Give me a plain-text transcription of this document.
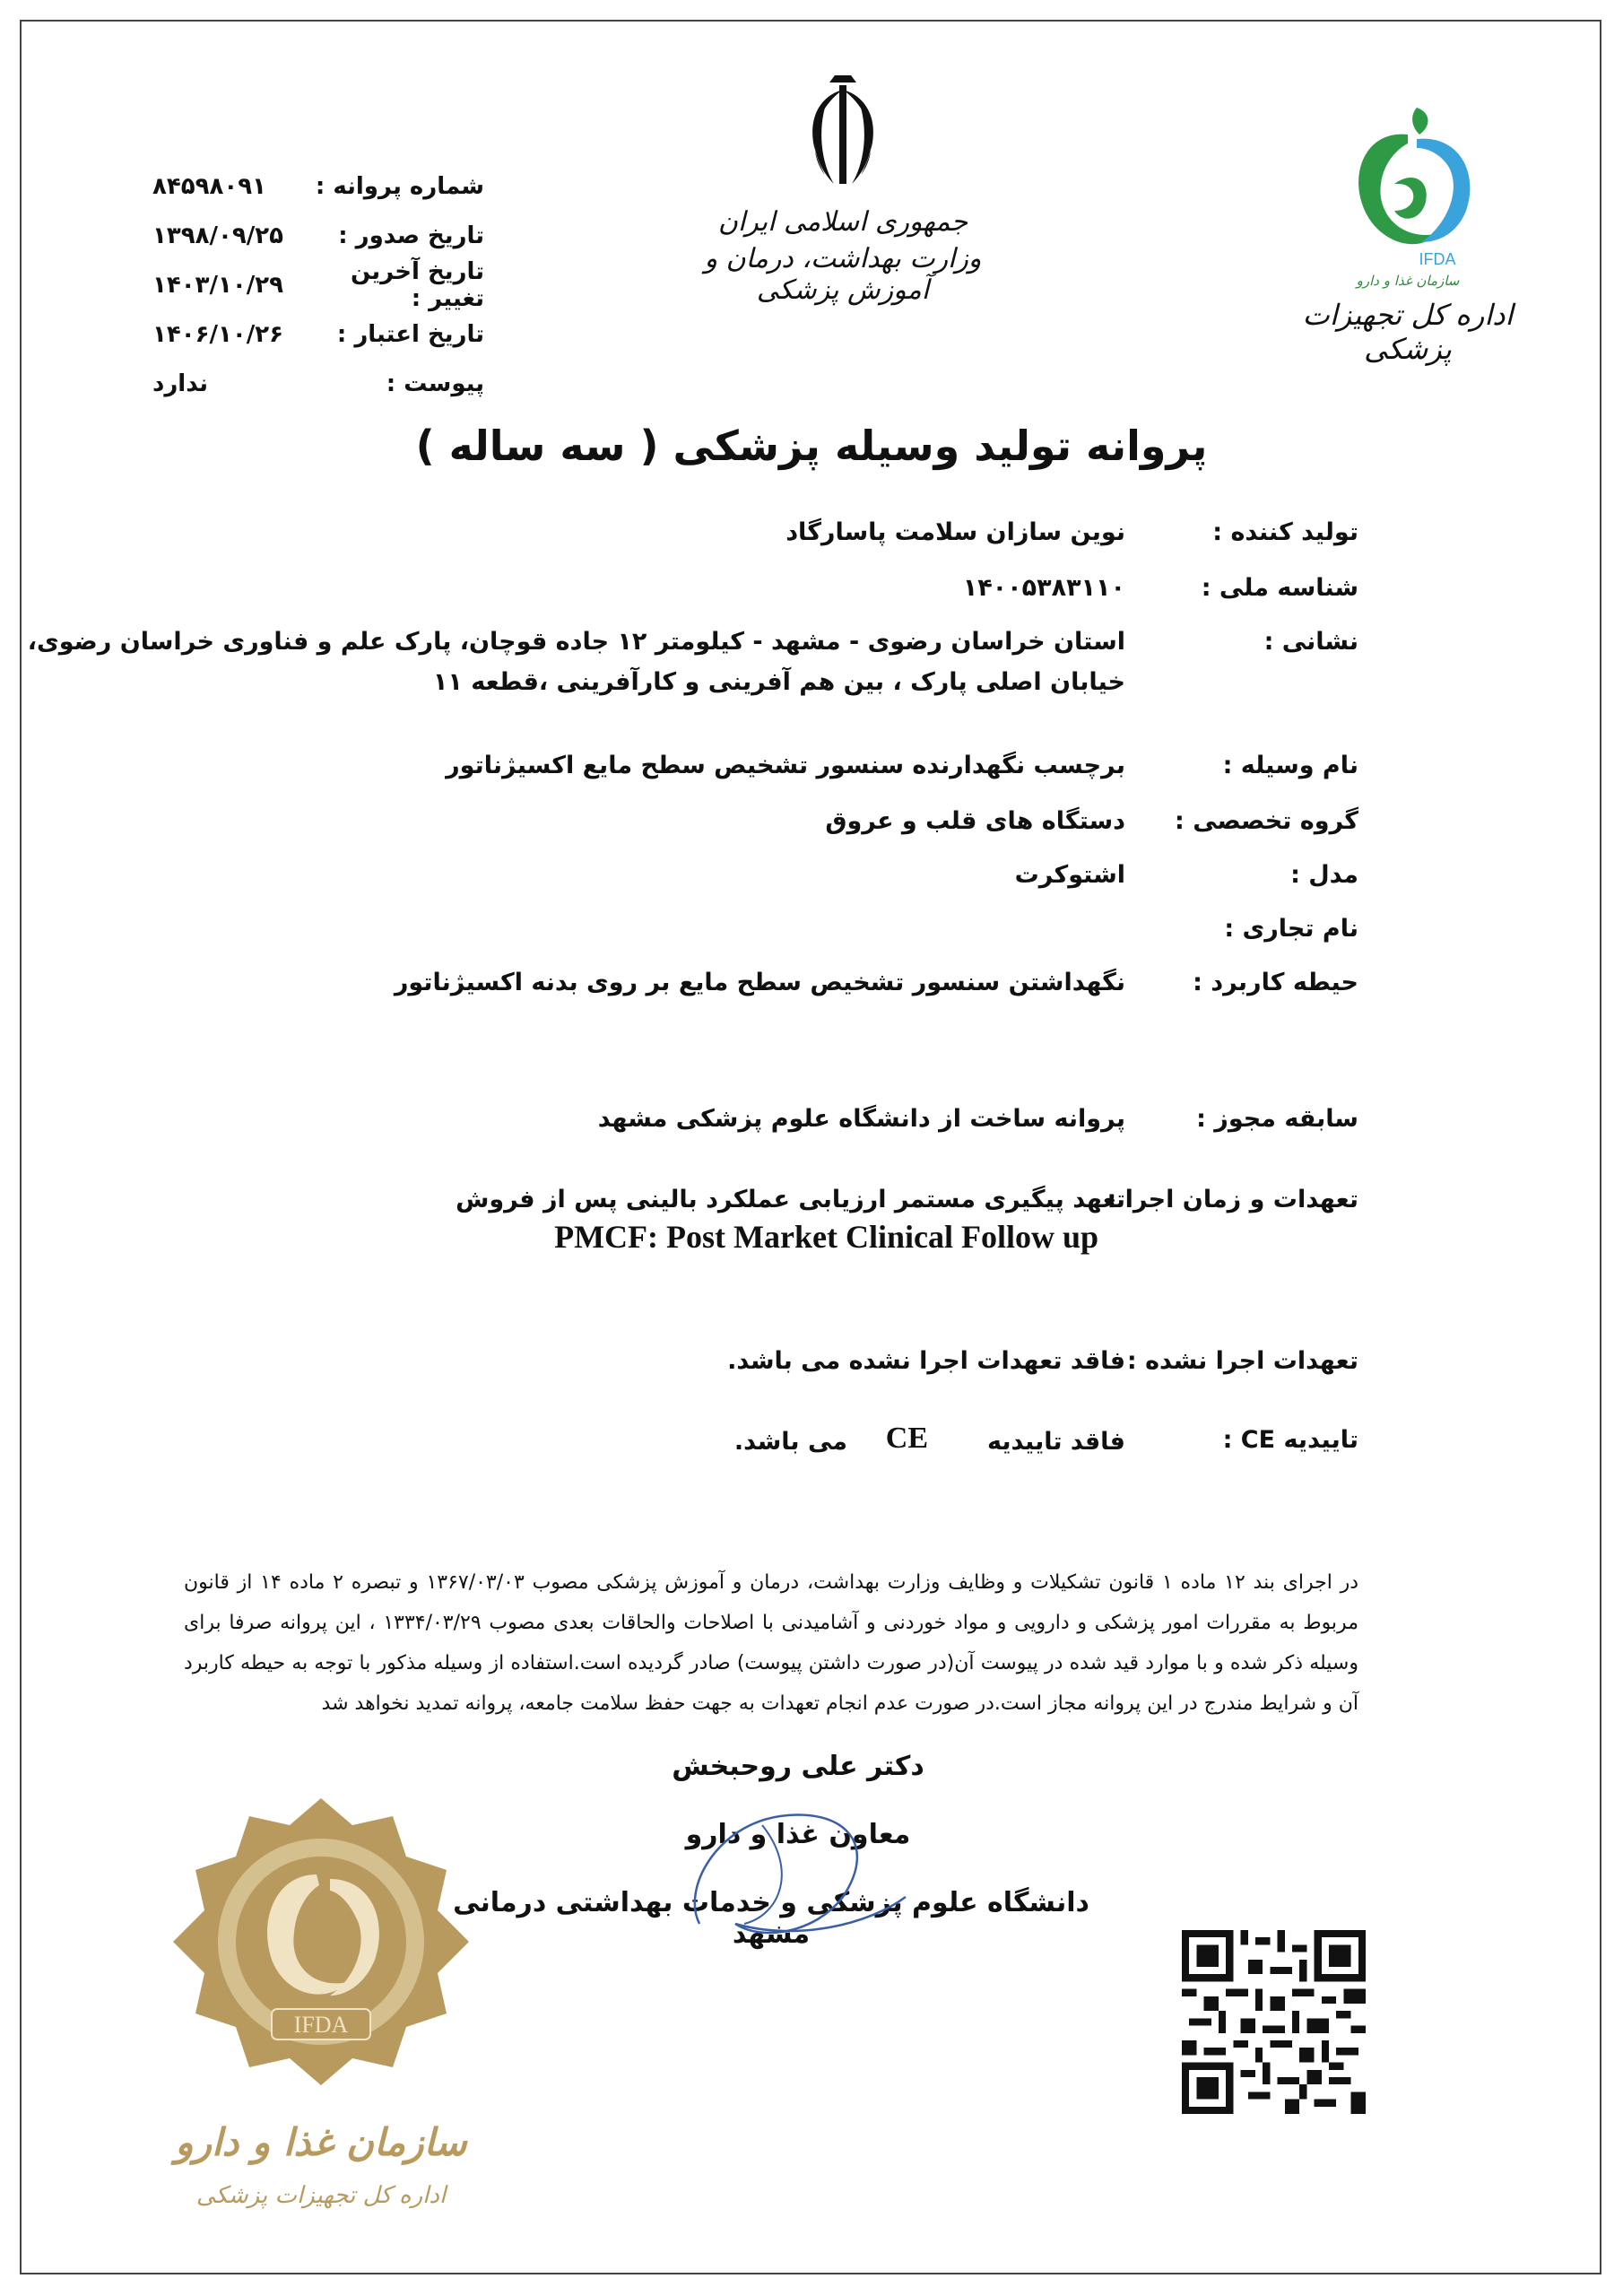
شماره پروانه :
۸۴۵۹۸۰۹۱
تاریخ صدور :
۱۳۹۸/۰۹/۲۵
تاریخ آخرین تغییر :
۱۴۰۳/۱۰/۲۹
تاریخ اعتبار :
۱۴۰۶/۱۰/۲۶
پیوست :
ندارد
جمهوری اسلامی ایران
وزارت بهداشت، درمان و آموزش پزشکی
IFDA
سازمان غذا و دارو
اداره کل تجهیزات پزشکی
پروانه تولید وسیله پزشکی ( سه ساله )
تولید کننده :
نوین سازان سلامت پاسارگاد
شناسه ملی :
۱۴۰۰۵۳۸۳۱۱۰
نشانی :
استان خراسان رضوی - مشهد - کیلومتر ۱۲ جاده قوچان، پارک علم و فناوری خراسان رضوی،
خیابان اصلی پارک ، بین هم آفرینی و کارآفرینی ،قطعه ۱۱
نام وسیله :
برچسب نگهدارنده سنسور تشخیص سطح مایع اکسیژناتور
گروه تخصصی :
دستگاه های قلب و عروق
مدل :
اشتوکرت
نام تجاری :
حیطه کاربرد :
نگهداشتن سنسور تشخیص سطح مایع بر روی بدنه اکسیژناتور
سابقه مجوز :
پروانه ساخت از دانشگاه علوم پزشکی مشهد
تعهدات و زمان اجرا :
تعهد پیگیری مستمر ارزیابی عملکرد بالینی پس از فروش
PMCF: Post Market Clinical Follow up
تعهدات اجرا نشده :
فاقد تعهدات اجرا نشده می باشد.
تاییدیه CE :
فاقد تاییدیه
CE
می باشد.
در اجرای بند ۱۲ ماده ۱ قانون تشکیلات و وظایف وزارت بهداشت، درمان و آموزش پزشکی مصوب ۱۳۶۷/۰۳/۰۳ و تبصره ۲ ماده ۱۴ از قانون مربوط به مقررات امور پزشکی و دارویی و مواد خوردنی و آشامیدنی با اصلاحات والحاقات بعدی مصوب ۱۳۳۴/۰۳/۲۹ ، این پروانه صرفا برای وسیله ذکر شده و با موارد قید شده در پیوست آن(در صورت داشتن پیوست) صادر گردیده است.استفاده از وسیله مذکور با توجه به حیطه کاربرد آن و شرایط مندرج در این پروانه مجاز است.در صورت عدم انجام تعهدات به جهت حفظ سلامت جامعه، پروانه تمدید نخواهد شد
دکتر علی روحبخش
معاون غذا و دارو
دانشگاه علوم پزشکی و خدمات بهداشتی درمانی مشهد
IFDA
سازمان غذا و دارو
اداره کل تجهیزات پزشکی
